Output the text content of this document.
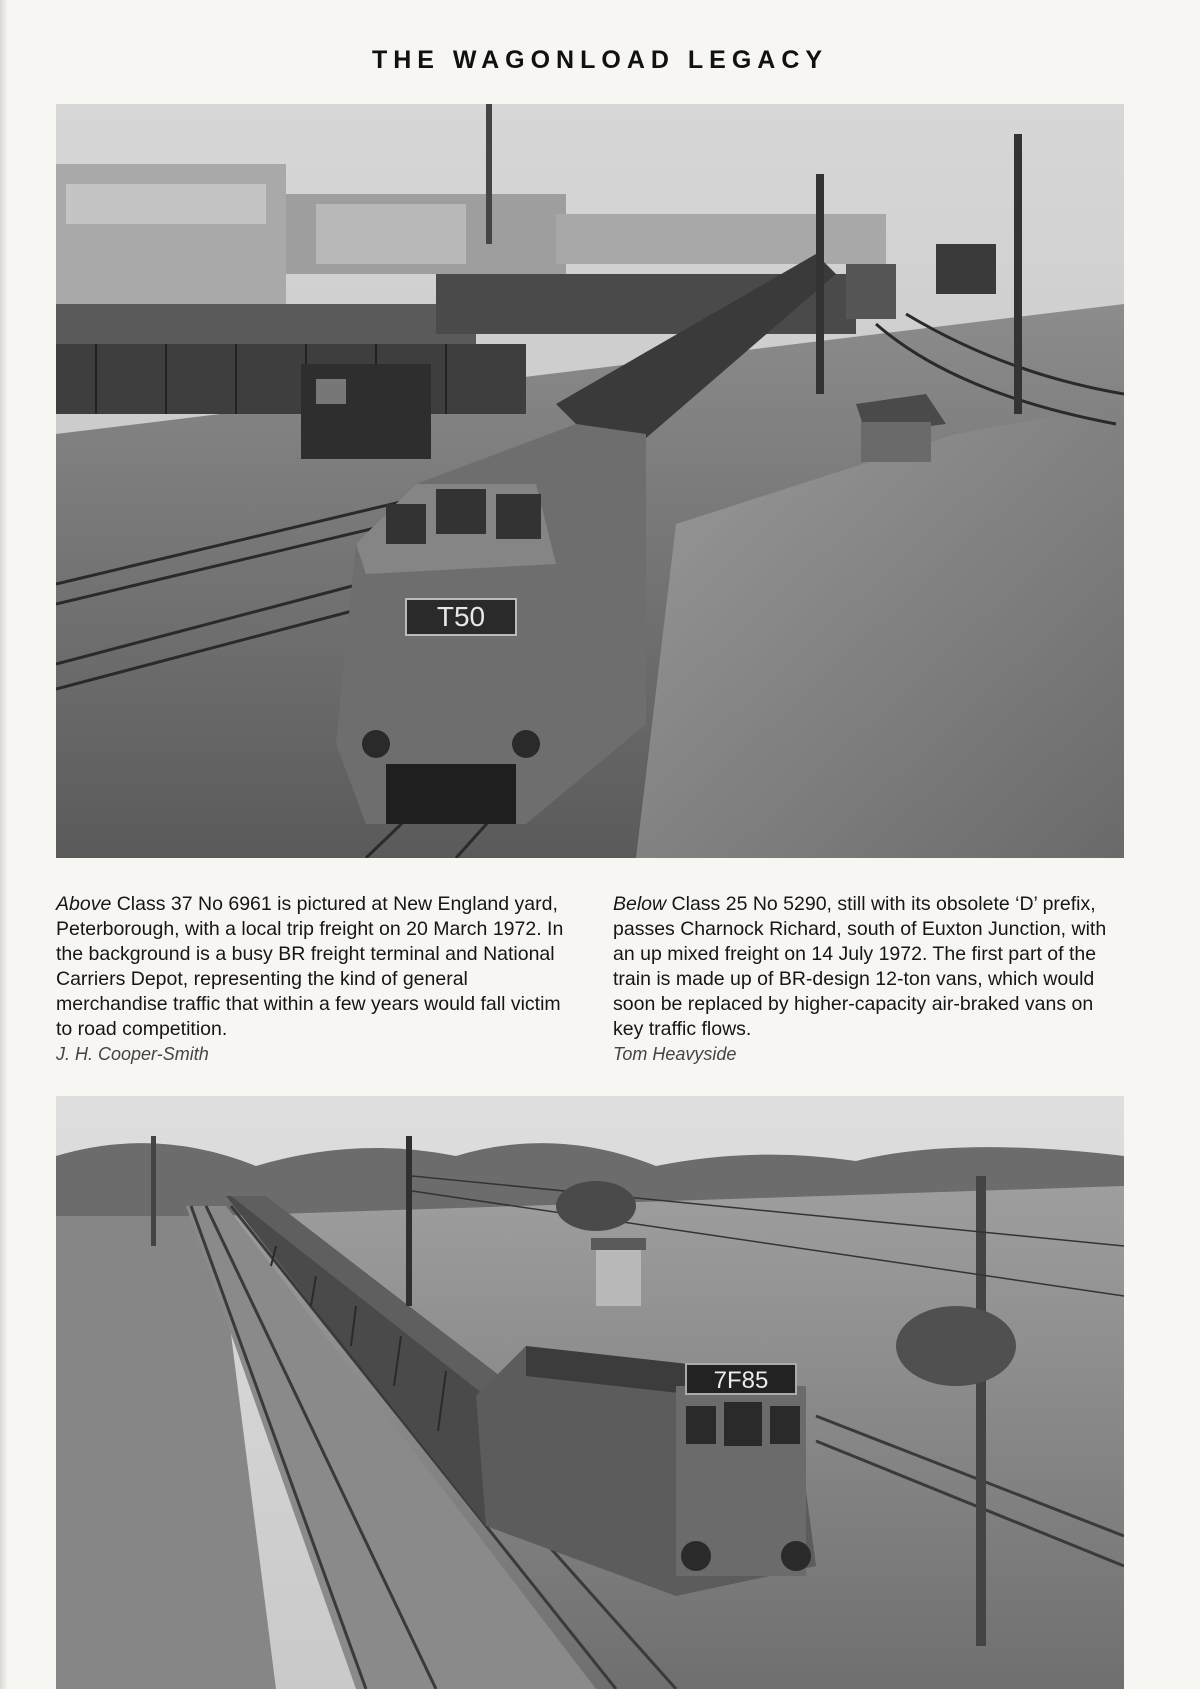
THE WAGONLOAD LEGACY
T50
Above Class 37 No 6961 is pictured at New England yard, Peterborough, with a local trip freight on 20 March 1972. In the background is a busy BR freight terminal and National Carriers Depot, representing the kind of general merchandise traffic that within a few years would fall victim to road competition.
J. H. Cooper-Smith
Below Class 25 No 5290, still with its obsolete ‘D’ prefix, passes Charnock Richard, south of Euxton Junction, with an up mixed freight on 14 July 1972. The first part of the train is made up of BR-design 12-ton vans, which would soon be replaced by higher-capacity air-braked vans on key traffic flows.
Tom Heavyside
7F85
